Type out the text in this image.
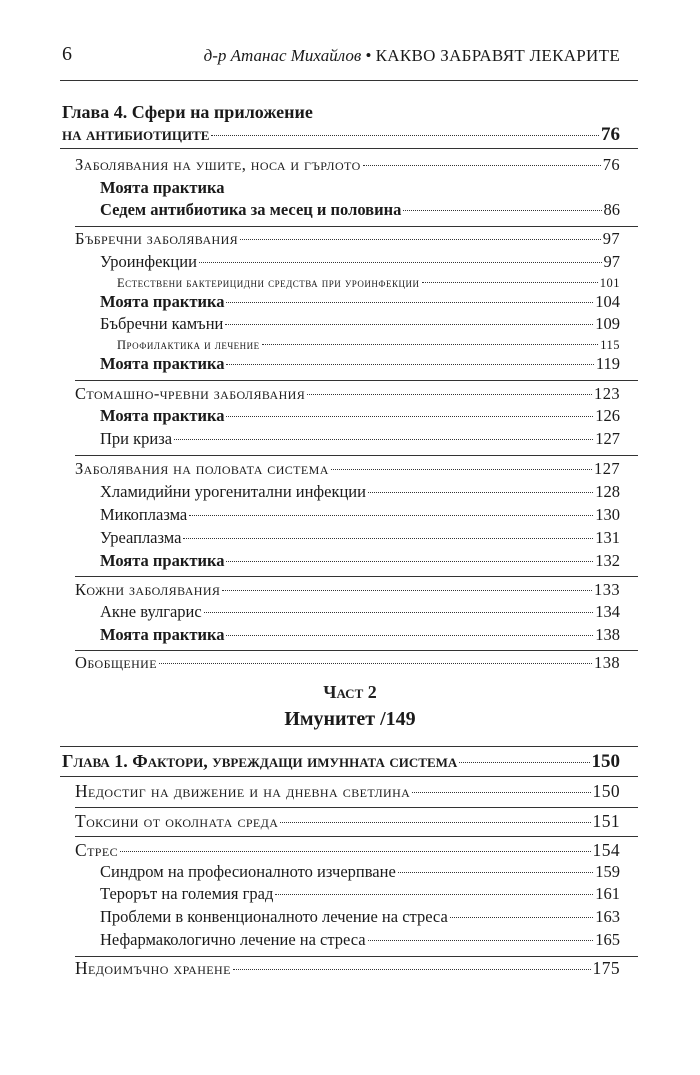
6	д-р Атанас Михайлов • КАКВО ЗАБРАВЯТ ЛЕКАРИТЕ
Глава 4. Сфери на приложение
на антибиотиците	76
Заболявания на ушите, носа и гърлото	76
Моята практика
Седем антибиотика за месец и половина	86
Бъбречни заболявания	97
Уроинфекции	97
Естествени бактерицидни средства при уроинфекции	101
Моята практика	104
Бъбречни камъни	109
Профилактика и лечение	115
Моята практика	119
Стомашно-чревни заболявания	123
Моята практика	126
При криза	127
Заболявания на половата система	127
Хламидийни урогенитални инфекции	128
Микоплазма	130
Уреаплазма	131
Моята практика	132
Кожни заболявания	133
Акне вулгарис	134
Моята практика	138
Обобщение	138
Част 2
Имунитет /149
Глава 1. Фактори, увреждащи имунната система	150
Недостиг на движение и на дневна светлина	150
Токсини от околната среда	151
Стрес	154
Синдром на професионалното изчерпване	159
Терорът на големия град	161
Проблеми в конвенционалното лечение на стреса	163
Нефармакологично лечение на стреса	165
Недоимъчно хранене	175
